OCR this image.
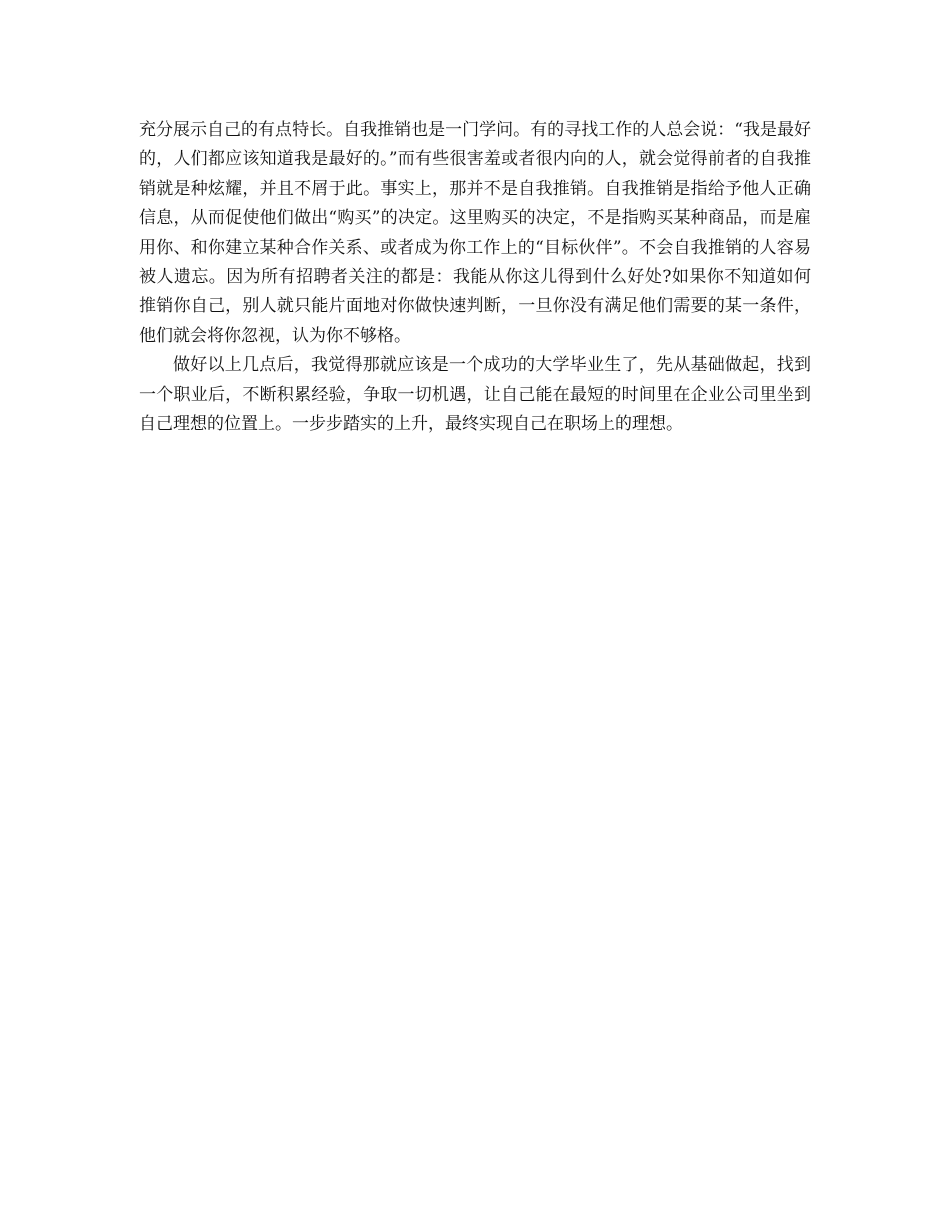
充分展示自己的有点特长。自我推销也是一门学问。有的寻找工作的人总会说：“我是最好的，人们都应该知道我是最好的。”而有些很害羞或者很内向的人，就会觉得前者的自我推销就是种炫耀，并且不屑于此。事实上，那并不是自我推销。自我推销是指给予他人正确信息，从而促使他们做出“购买”的决定。这里购买的决定，不是指购买某种商品，而是雇用你、和你建立某种合作关系、或者成为你工作上的“目标伙伴”。不会自我推销的人容易被人遗忘。因为所有招聘者关注的都是：我能从你这儿得到什么好处?如果你不知道如何推销你自己，别人就只能片面地对你做快速判断，一旦你没有满足他们需要的某一条件，他们就会将你忽视，认为你不够格。

做好以上几点后，我觉得那就应该是一个成功的大学毕业生了，先从基础做起，找到一个职业后，不断积累经验，争取一切机遇，让自己能在最短的时间里在企业公司里坐到自己理想的位置上。一步步踏实的上升，最终实现自己在职场上的理想。
